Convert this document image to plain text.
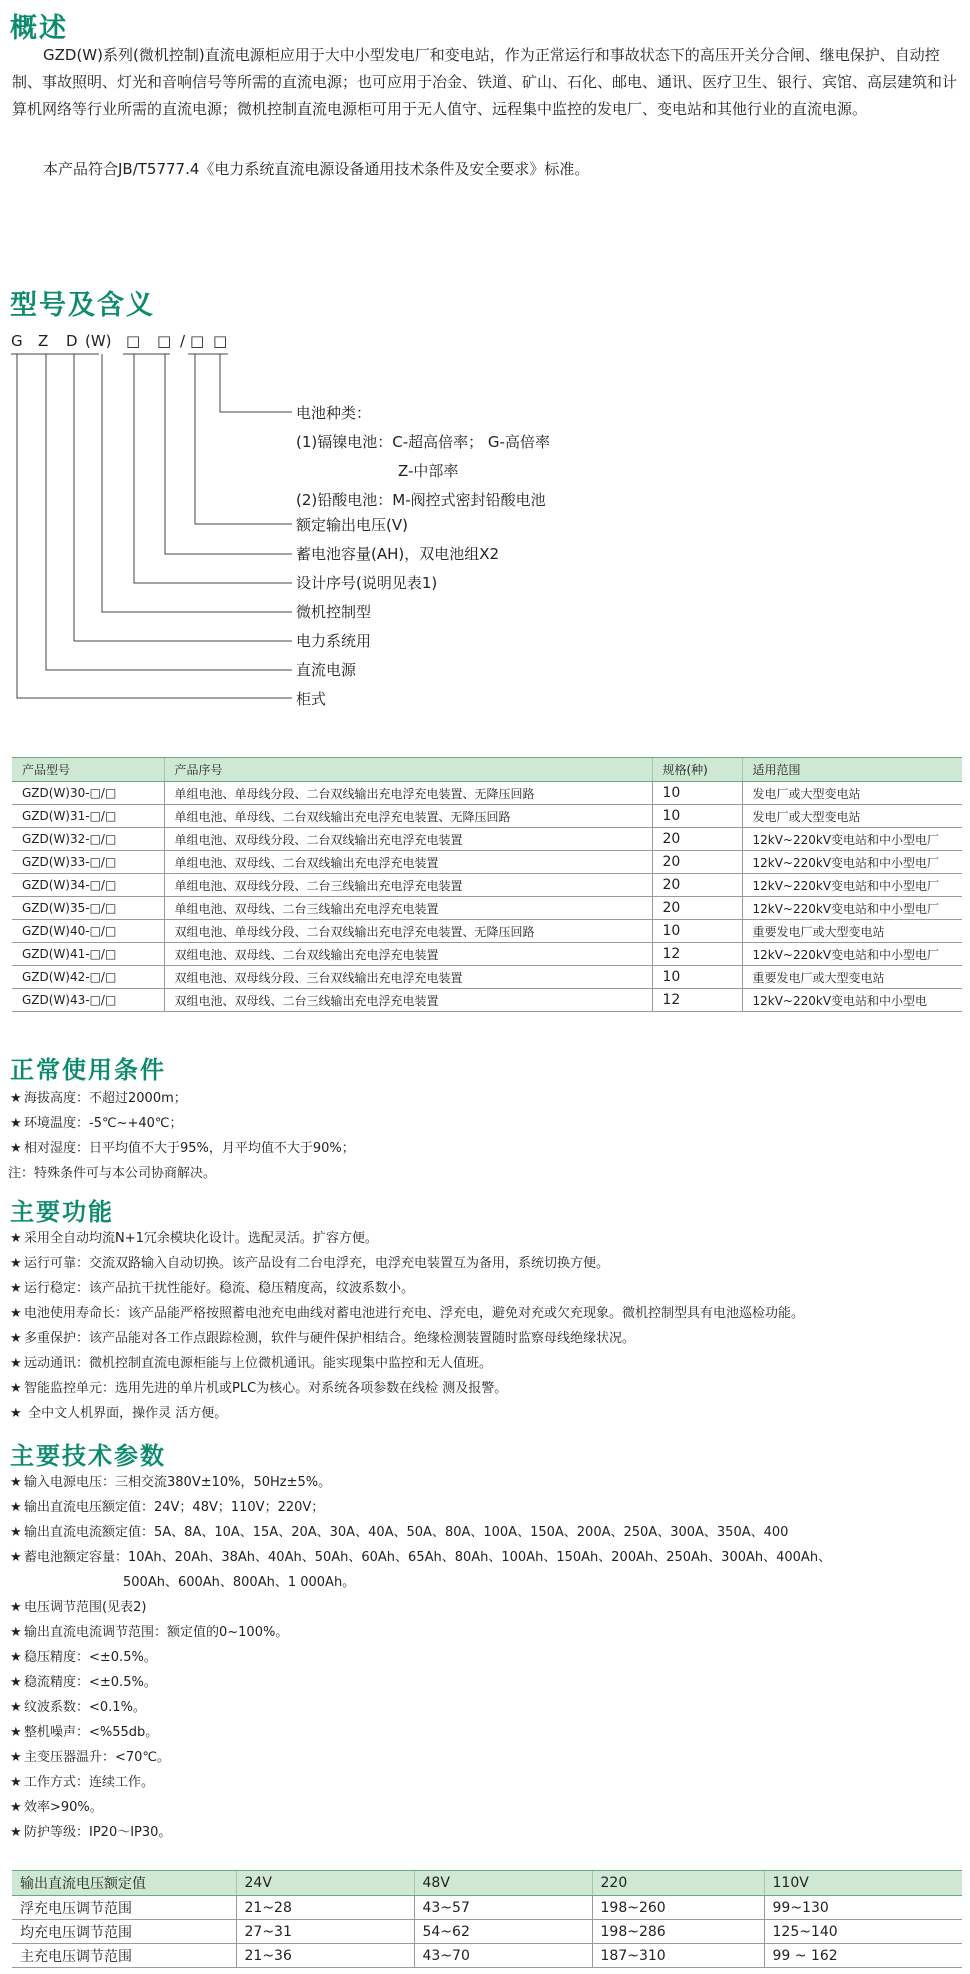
概述

GZD(W)系列(微机控制)直流电源柜应用于大中小型发电厂和变电站，作为正常运行和事故状态下的高压开关分合闸、继电保护、自动控制、事故照明、灯光和音响信号等所需的直流电源；也可应用于冶金、铁道、矿山、石化、邮电、通讯、医疗卫生、银行、宾馆、高层建筑和计算机网络等行业所需的直流电源；微机控制直流电源柜可用于无人值守、远程集中监控的发电厂、变电站和其他行业的直流电源。

本产品符合JB/T5777.4《电力系统直流电源设备通用技术条件及安全要求》标准。

型号及含义
G Z D (W) □ □ / □ □
电池种类：
(1)镉镍电池：C-超高倍率； G-高倍率
Z-中部率
(2)铅酸电池：M-阀控式密封铅酸电池
额定输出电压(V)
蓄电池容量(AH)，双电池组X2
设计序号(说明见表1)
微机控制型
电力系统用
直流电源
柜式
产品型号	产品序号	规格(种)	适用范围
GZD(W)30-□/□	单组电池、单母线分段、二台双线输出充电浮充电装置、无降压回路	10	发电厂或大型变电站
GZD(W)31-□/□	单组电池、单母线、二台双线输出充电浮充电装置、无降压回路	10	发电厂或大型变电站
GZD(W)32-□/□	单组电池、双母线分段、二台双线输出充电浮充电装置	20	12kV~220kV变电站和中小型电厂
GZD(W)33-□/□	单组电池、双母线、二台双线输出充电浮充电装置	20	12kV~220kV变电站和中小型电厂
GZD(W)34-□/□	单组电池、双母线分段、二台三线输出充电浮充电装置	20	12kV~220kV变电站和中小型电厂
GZD(W)35-□/□	单组电池、双母线、二台三线输出充电浮充电装置	20	12kV~220kV变电站和中小型电厂
GZD(W)40-□/□	双组电池、单母线分段、二台双线输出充电浮充电装置、无降压回路	10	重要发电厂或大型变电站
GZD(W)41-□/□	双组电池、双母线、二台双线输出充电浮充电装置	12	12kV~220kV变电站和中小型电厂
GZD(W)42-□/□	双组电池、双母线分段、三台双线输出充电浮充电装置	10	重要发电厂或大型变电站
GZD(W)43-□/□	双组电池、双母线、二台三线输出充电浮充电装置	12	12kV~220kV变电站和中小型电
正常使用条件
★ 海拔高度：不超过2000m；
★ 环境温度：-5℃~+40℃；
★ 相对湿度：日平均值不大于95%，月平均值不大于90%；
注：特殊条件可与本公司协商解决。
主要功能
★ 采用全自动均流N+1冗余模块化设计。选配灵活。扩容方便。
★ 运行可靠：交流双路输入自动切换。该产品设有二台电浮充，电浮充电装置互为备用，系统切换方便。
★ 运行稳定：该产品抗干扰性能好。稳流、稳压精度高，纹波系数小。
★ 电池使用寿命长：该产品能严格按照蓄电池充电曲线对蓄电池进行充电、浮充电，避免对充或欠充现象。微机控制型具有电池巡检功能。
★ 多重保护：该产品能对各工作点跟踪检测，软件与硬件保护相结合。绝缘检测装置随时监察母线绝缘状况。
★ 远动通讯：微机控制直流电源柜能与上位微机通讯。能实现集中监控和无人值班。
★ 智能监控单元：选用先进的单片机或PLC为核心。对系统各项参数在线检 测及报警。
★ 全中文人机界面，操作灵 活方便。
主要技术参数
★ 输入电源电压：三相交流380V±10%，50Hz±5%。
★ 输出直流电压额定值：24V；48V；110V；220V；
★ 输出直流电流额定值：5A、8A、10A、15A、20A、30A、40A、50A、80A、100A、150A、200A、250A、300A、350A、400
★ 蓄电池额定容量：10Ah、20Ah、38Ah、40Ah、50Ah、60Ah、65Ah、80Ah、100Ah、150Ah、200Ah、250Ah、300Ah、400Ah、
500Ah、600Ah、800Ah、1 000Ah。
★ 电压调节范围(见表2)
★ 输出直流电流调节范围：额定值的0~100%。
★ 稳压精度：<±0.5%。
★ 稳流精度：<±0.5%。
★ 纹波系数：<0.1%。
★ 整机噪声：<%55db。
★ 主变压器温升：<70℃。
★ 工作方式：连续工作。
★ 效率>90%。
★ 防护等级：IP20～IP30。
输出直流电压额定值	24V	48V	220	110V
浮充电压调节范围	21~28	43~57	198~260	99~130
均充电压调节范围	27~31	54~62	198~286	125~140
主充电压调节范围	21~36	43~70	187~310	99 ~ 162
